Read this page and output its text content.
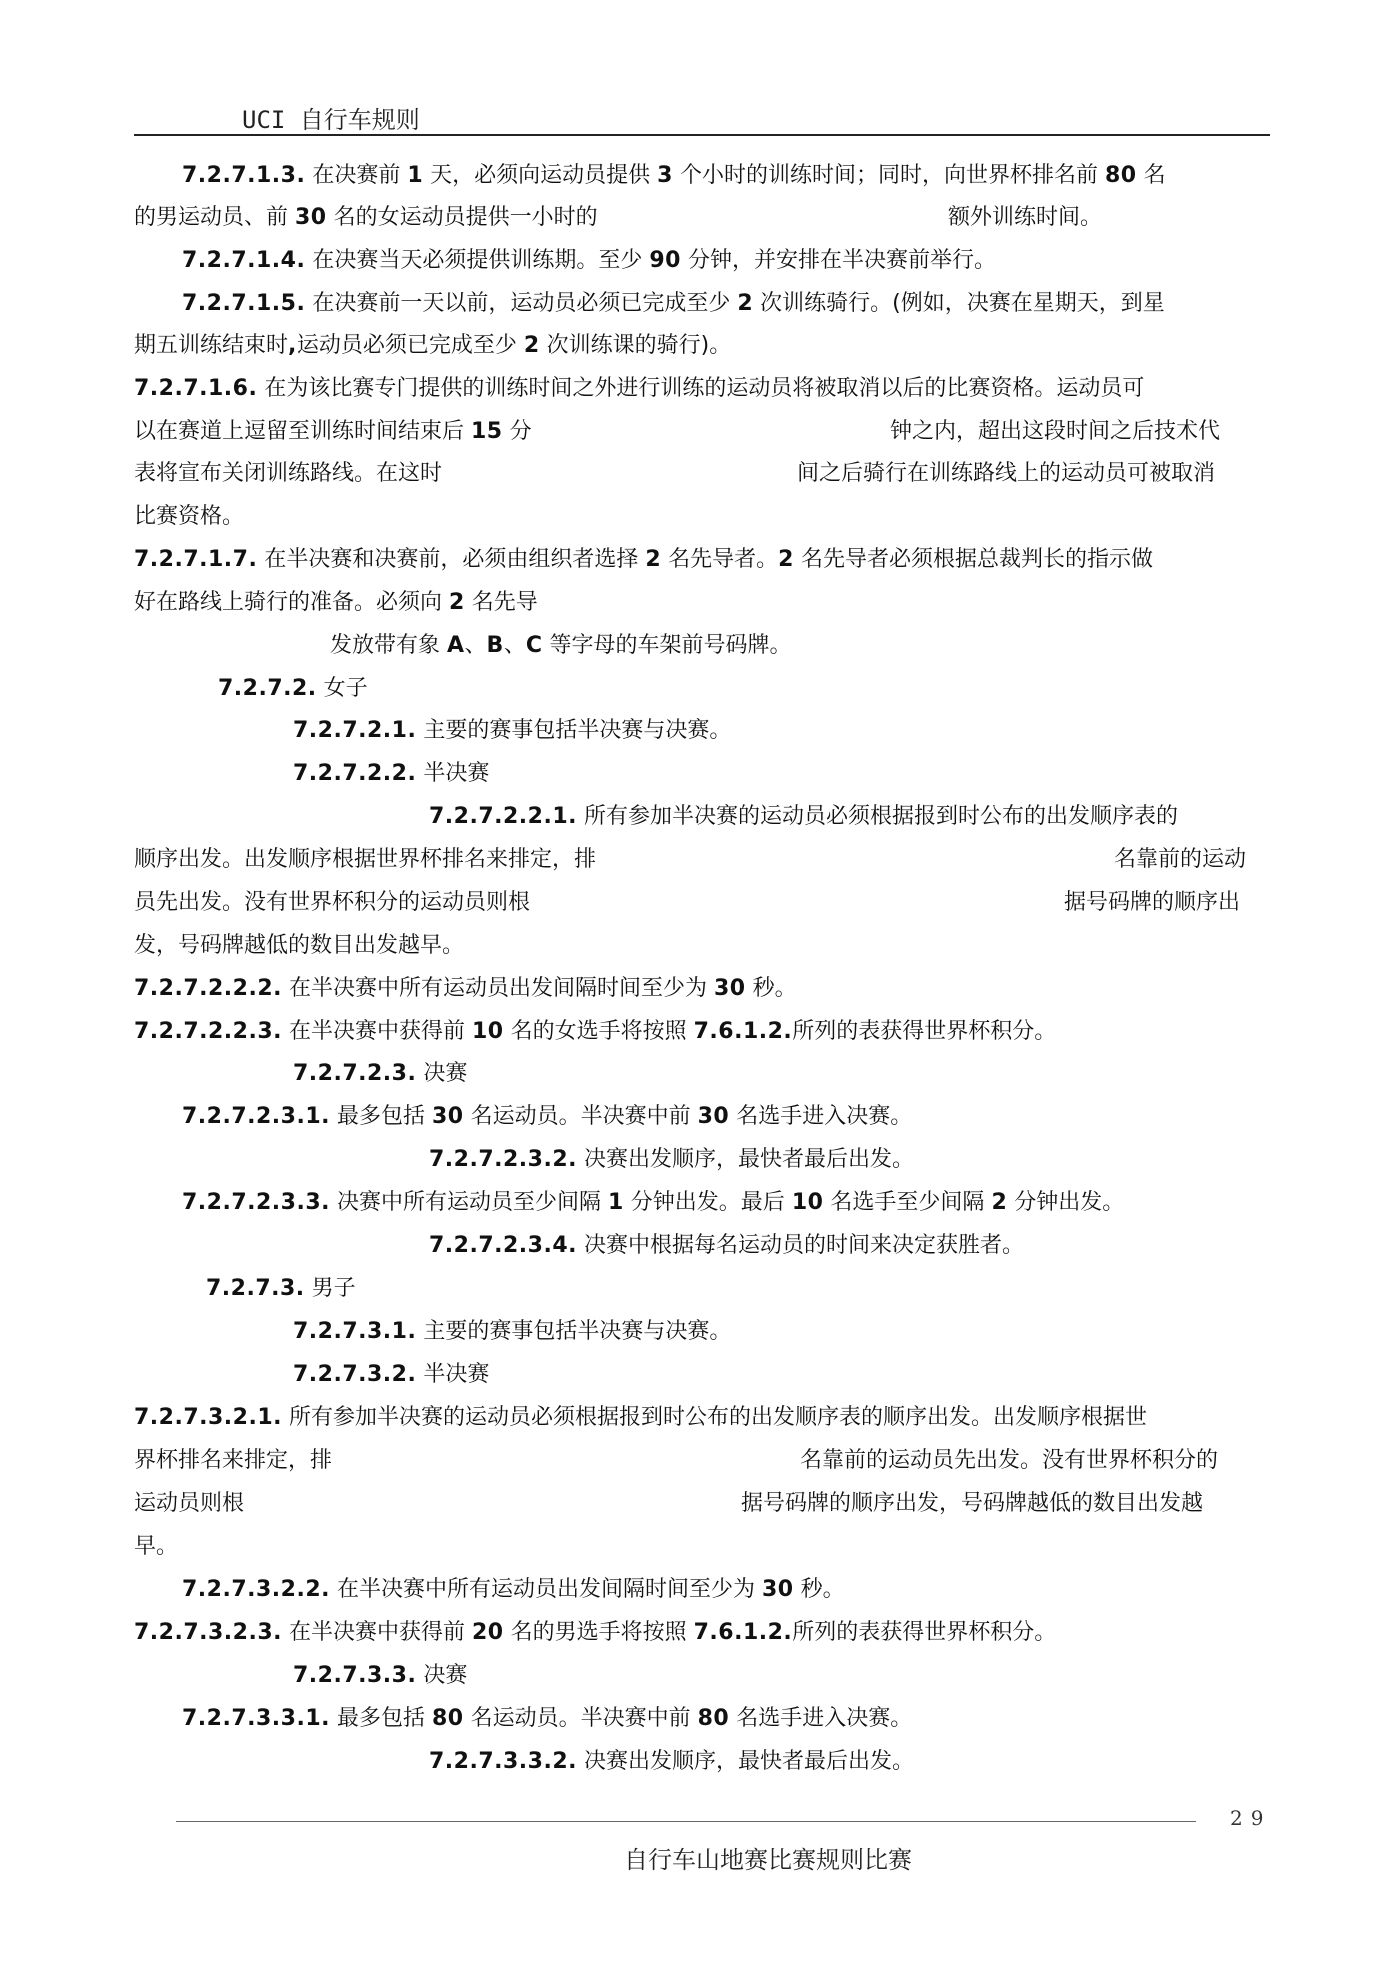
UCI 自行车规则
7.2.7.1.3. 在决赛前 1 天，必须向运动员提供 3 个小时的训练时间；同时，向世界杯排名前 80 名
的男运动员、前 30 名的女运动员提供一小时的	额外训练时间。
7.2.7.1.4. 在决赛当天必须提供训练期。至少 90 分钟，并安排在半决赛前举行。
7.2.7.1.5. 在决赛前一天以前，运动员必须已完成至少 2 次训练骑行。(例如，决赛在星期天，到星
期五训练结束时,运动员必须已完成至少 2 次训练课的骑行)。
7.2.7.1.6. 在为该比赛专门提供的训练时间之外进行训练的运动员将被取消以后的比赛资格。运动员可
以在赛道上逗留至训练时间结束后 15 分	钟之内，超出这段时间之后技术代
表将宣布关闭训练路线。在这时	间之后骑行在训练路线上的运动员可被取消
比赛资格。
7.2.7.1.7. 在半决赛和决赛前，必须由组织者选择 2 名先导者。2 名先导者必须根据总裁判长的指示做
好在路线上骑行的准备。必须向 2 名先导
发放带有象 A、B、C 等字母的车架前号码牌。
7.2.7.2. 女子
7.2.7.2.1. 主要的赛事包括半决赛与决赛。
7.2.7.2.2. 半决赛
7.2.7.2.2.1. 所有参加半决赛的运动员必须根据报到时公布的出发顺序表的
顺序出发。出发顺序根据世界杯排名来排定，排	名靠前的运动
员先出发。没有世界杯积分的运动员则根	据号码牌的顺序出
发，号码牌越低的数目出发越早。
7.2.7.2.2.2. 在半决赛中所有运动员出发间隔时间至少为 30 秒。
7.2.7.2.2.3. 在半决赛中获得前 10 名的女选手将按照 7.6.1.2.所列的表获得世界杯积分。
7.2.7.2.3. 决赛
7.2.7.2.3.1. 最多包括 30 名运动员。半决赛中前 30 名选手进入决赛。
7.2.7.2.3.2. 决赛出发顺序，最快者最后出发。
7.2.7.2.3.3. 决赛中所有运动员至少间隔 1 分钟出发。最后 10 名选手至少间隔 2 分钟出发。
7.2.7.2.3.4. 决赛中根据每名运动员的时间来决定获胜者。
7.2.7.3. 男子
7.2.7.3.1. 主要的赛事包括半决赛与决赛。
7.2.7.3.2. 半决赛
7.2.7.3.2.1. 所有参加半决赛的运动员必须根据报到时公布的出发顺序表的顺序出发。出发顺序根据世
界杯排名来排定，排	名靠前的运动员先出发。没有世界杯积分的
运动员则根	据号码牌的顺序出发，号码牌越低的数目出发越
早。
7.2.7.3.2.2. 在半决赛中所有运动员出发间隔时间至少为 30 秒。
7.2.7.3.2.3. 在半决赛中获得前 20 名的男选手将按照 7.6.1.2.所列的表获得世界杯积分。
7.2.7.3.3. 决赛
7.2.7.3.3.1. 最多包括 80 名运动员。半决赛中前 80 名选手进入决赛。
7.2.7.3.3.2. 决赛出发顺序，最快者最后出发。
29
自行车山地赛比赛规则比赛
